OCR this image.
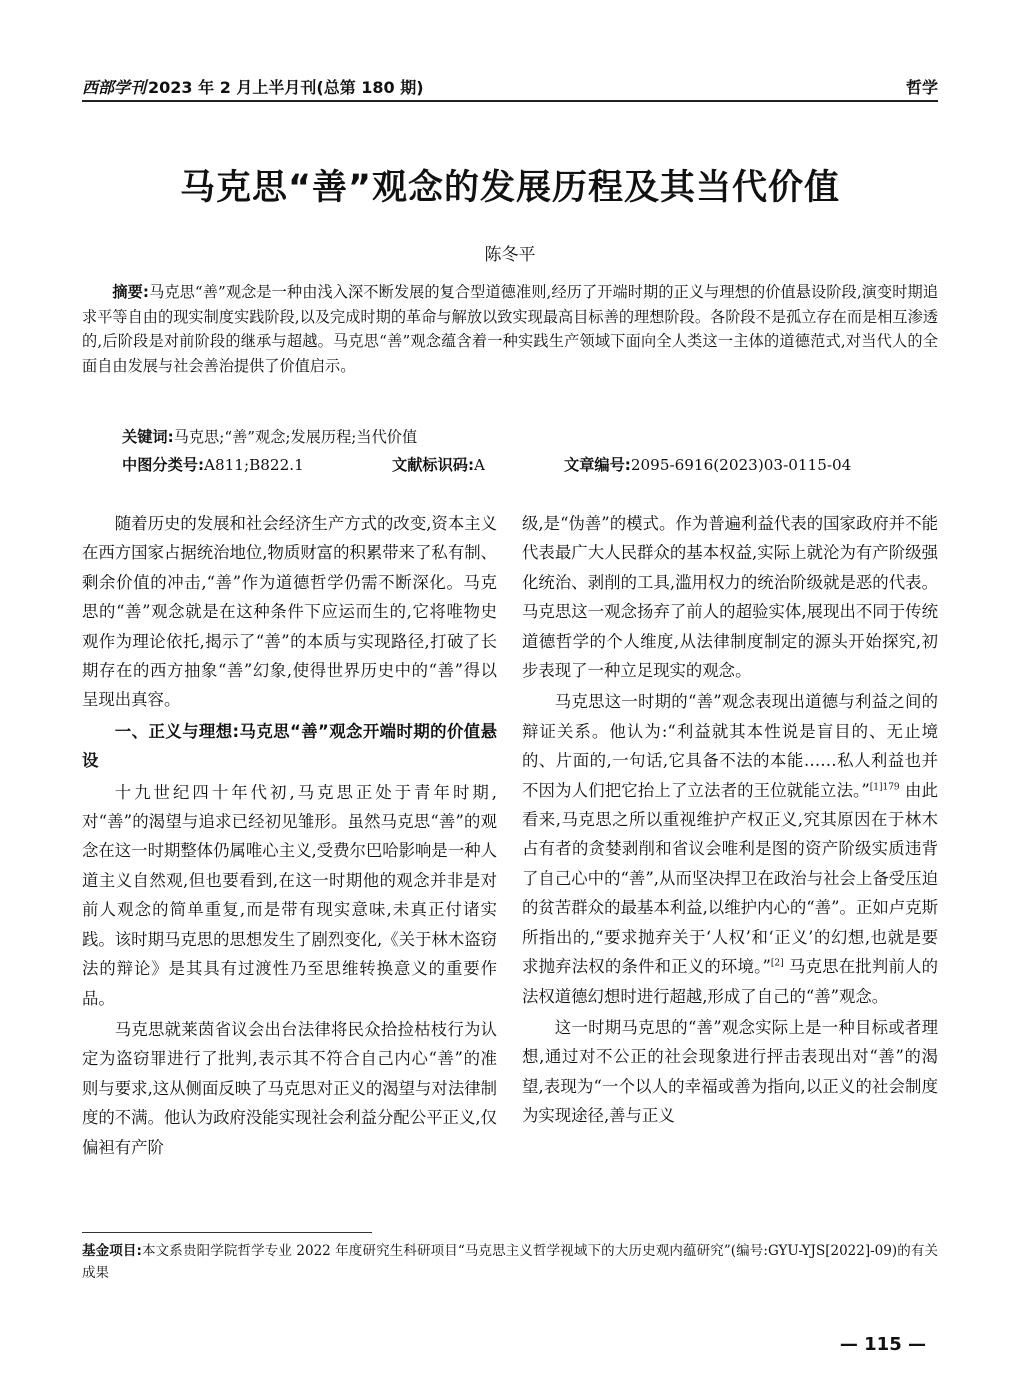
西部学刊 2023 年 2 月上半月刊(总第 180 期)	哲学
马克思“善”观念的发展历程及其当代价值
陈冬平

摘要:马克思“善”观念是一种由浅入深不断发展的复合型道德准则,经历了开端时期的正义与理想的价值悬设阶段,演变时期追求平等自由的现实制度实践阶段,以及完成时期的革命与解放以致实现最高目标善的理想阶段。各阶段不是孤立存在而是相互渗透的,后阶段是对前阶段的继承与超越。马克思“善”观念蕴含着一种实践生产领域下面向全人类这一主体的道德范式,对当代人的全面自由发展与社会善治提供了价值启示。

关键词:马克思;“善”观念;发展历程;当代价值
中图分类号:A811;B822.1	文献标识码:A	文章编号:2095-6916(2023)03-0115-04

随着历史的发展和社会经济生产方式的改变,资本主义在西方国家占据统治地位,物质财富的积累带来了私有制、剩余价值的冲击,“善”作为道德哲学仍需不断深化。马克思的“善”观念就是在这种条件下应运而生的,它将唯物史观作为理论依托,揭示了“善”的本质与实现路径,打破了长期存在的西方抽象“善”幻象,使得世界历史中的“善”得以呈现出真容。

一、正义与理想:马克思“善”观念开端时期的价值悬设

十九世纪四十年代初,马克思正处于青年时期,对“善”的渴望与追求已经初见雏形。虽然马克思“善”的观念在这一时期整体仍属唯心主义,受费尔巴哈影响是一种人道主义自然观,但也要看到,在这一时期他的观念并非是对前人观念的简单重复,而是带有现实意味,未真正付诸实践。该时期马克思的思想发生了剧烈变化,《关于林木盗窃法的辩论》是其具有过渡性乃至思维转换意义的重要作品。

马克思就莱茵省议会出台法律将民众拾捡枯枝行为认定为盗窃罪进行了批判,表示其不符合自己内心“善”的准则与要求,这从侧面反映了马克思对正义的渴望与对法律制度的不满。他认为政府没能实现社会利益分配公平正义,仅偏袒有产阶

级,是“伪善”的模式。作为普遍利益代表的国家政府并不能代表最广大人民群众的基本权益,实际上就沦为有产阶级强化统治、剥削的工具,滥用权力的统治阶级就是恶的代表。马克思这一观念扬弃了前人的超验实体,展现出不同于传统道德哲学的个人维度,从法律制度制定的源头开始探究,初步表现了一种立足现实的观念。

马克思这一时期的“善”观念表现出道德与利益之间的辩证关系。他认为:“利益就其本性说是盲目的、无止境的、片面的,一句话,它具备不法的本能……私人利益也并不因为人们把它抬上了立法者的王位就能立法。”$^{[1]179}$ 由此看来,马克思之所以重视维护产权正义,究其原因在于林木占有者的贪婪剥削和省议会唯利是图的资产阶级实质违背了自己心中的“善”,从而坚决捍卫在政治与社会上备受压迫的贫苦群众的最基本利益,以维护内心的“善”。正如卢克斯所指出的,“要求抛弃关于‘人权’和‘正义’的幻想,也就是要求抛弃法权的条件和正义的环境。”[2] 马克思在批判前人的法权道德幻想时进行超越,形成了自己的“善”观念。

这一时期马克思的“善”观念实际上是一种目标或者理想,通过对不公正的社会现象进行抨击表现出对“善”的渴望,表现为“一个以人的幸福或善为指向,以正义的社会制度为实现途径,善与正义

基金项目:本文系贵阳学院哲学专业 2022 年度研究生科研项目“马克思主义哲学视域下的大历史观内蕴研究”(编号:GYU-YJS[2022]-09)的有关成果

— 115 —
